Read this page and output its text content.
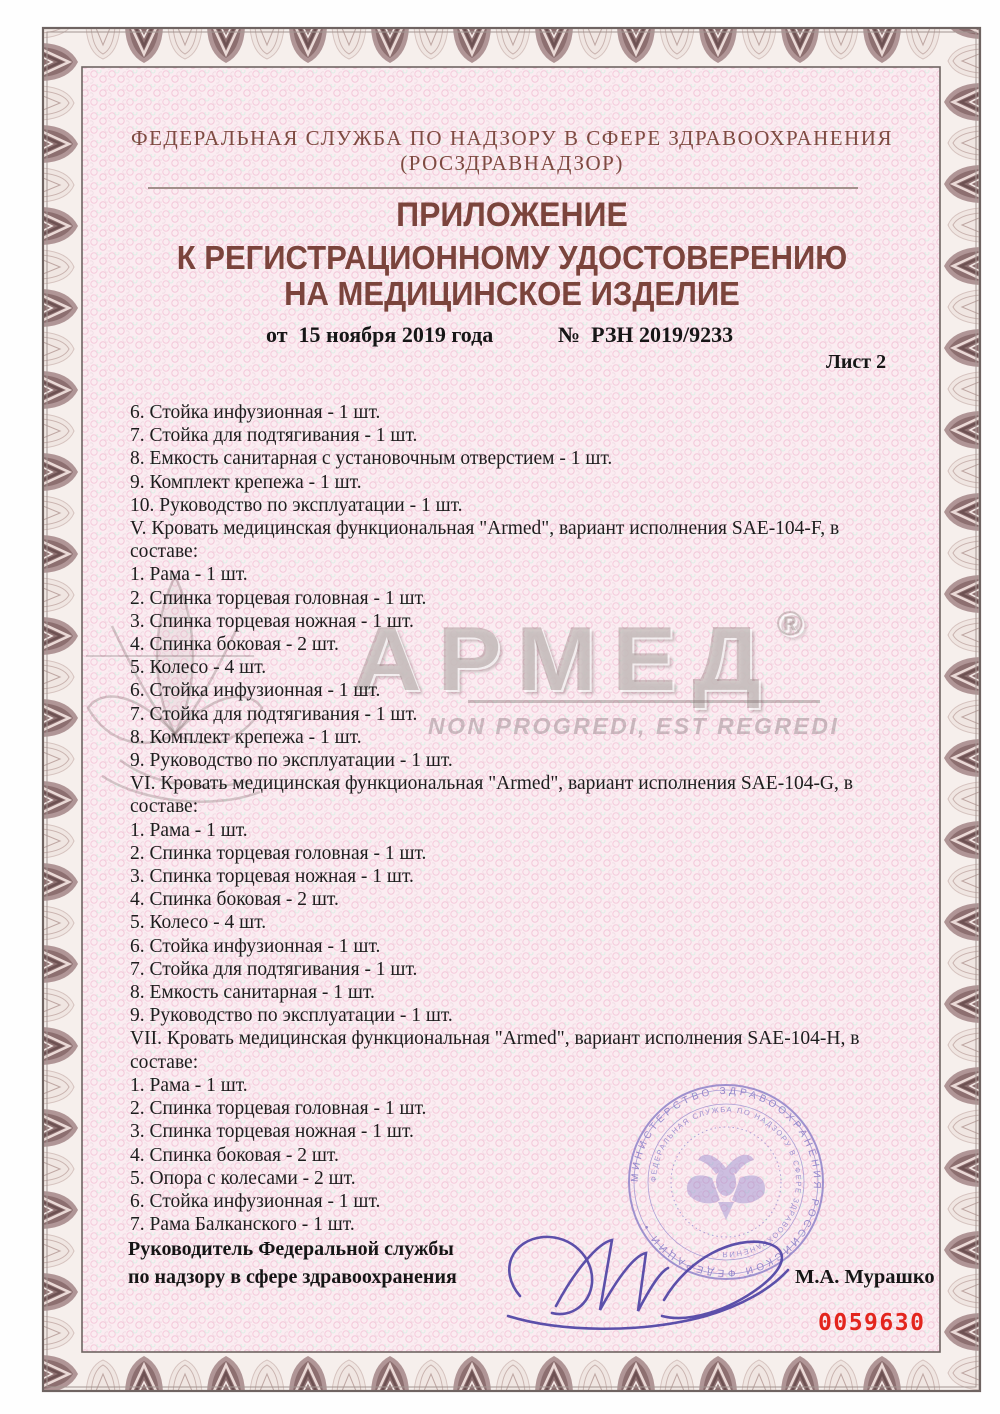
АРМЕД®
NON PROGREDI, EST REGREDI
ФЕДЕРАЛЬНАЯ СЛУЖБА ПО НАДЗОРУ В СФЕРЕ ЗДРАВООХРАНЕНИЯ
(РОСЗДРАВНАДЗОР)
ПРИЛОЖЕНИЕ
К РЕГИСТРАЦИОННОМУ УДОСТОВЕРЕНИЮ
НА МЕДИЦИНСКОЕ ИЗДЕЛИЕ
от  15 ноября 2019 года	№  РЗН 2019/9233
Лист 2
6. Стойка инфузионная - 1 шт.
7. Стойка для подтягивания - 1 шт.
8. Емкость санитарная с установочным отверстием - 1 шт.
9. Комплект крепежа - 1 шт.
10. Руководство по эксплуатации - 1 шт.
V. Кровать медицинская функциональная "Armed", вариант исполнения SAE-104-F, в
составе:
1. Рама - 1 шт.
2. Спинка торцевая головная - 1 шт.
3. Спинка торцевая ножная - 1 шт.
4. Спинка боковая - 2 шт.
5. Колесо - 4 шт.
6. Стойка инфузионная - 1 шт.
7. Стойка для подтягивания - 1 шт.
8. Комплект крепежа - 1 шт.
9. Руководство по эксплуатации - 1 шт.
VI. Кровать медицинская функциональная "Armed", вариант исполнения SAE-104-G, в
составе:
1. Рама - 1 шт.
2. Спинка торцевая головная - 1 шт.
3. Спинка торцевая ножная - 1 шт.
4. Спинка боковая - 2 шт.
5. Колесо - 4 шт.
6. Стойка инфузионная - 1 шт.
7. Стойка для подтягивания - 1 шт.
8. Емкость санитарная - 1 шт.
9. Руководство по эксплуатации - 1 шт.
VII. Кровать медицинская функциональная "Armed", вариант исполнения SAE-104-H, в
составе:
1. Рама - 1 шт.
2. Спинка торцевая головная - 1 шт.
3. Спинка торцевая ножная - 1 шт.
4. Спинка боковая - 2 шт.
5. Опора с колесами - 2 шт.
6. Стойка инфузионная - 1 шт.
7. Рама Балканского - 1 шт.
МИНИСТЕРСТВО ЗДРАВООХРАНЕНИЯ РОССИЙСКОЙ ФЕДЕРАЦИИ •
ФЕДЕРАЛЬНАЯ СЛУЖБА ПО НАДЗОРУ В СФЕРЕ ЗДРАВООХРАНЕНИЯ
Руководитель Федеральной службы
по надзору в сфере здравоохранения	М.А. Мурашко
0059630
